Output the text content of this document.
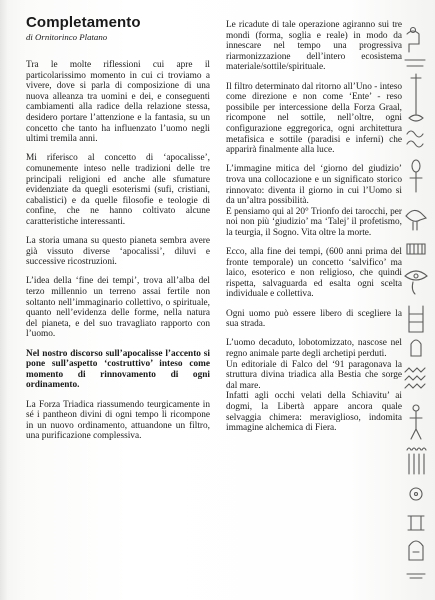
Completamento
di Ornitorinco Platano

Tra le molte riflessioni cui apre il particolarissimo momento in cui ci troviamo a vivere, dove si parla di composizione di una nuova alleanza tra uomini e dei, e conseguenti cambiamenti alla radice della relazione stessa, desidero portare l’attenzione e la fantasia, su un concetto che tanto ha influenzato l’uomo negli ultimi tremila anni.

Mi riferisco al concetto di ‘apocalisse’, comunemente inteso nelle tradizioni delle tre principali religioni ed anche alle sfumature evidenziate da quegli esoterismi (sufi, cristiani, cabalistici) e da quelle filosofie e teologie di confine, che ne hanno coltivato alcune caratteristiche interessanti.

La storia umana su questo pianeta sembra avere già vissuto diverse ‘apocalissi’, diluvi e successive ricostruzioni.

L’idea della ‘fine dei tempi’, trova all’alba del terzo millennio un terreno assai fertile non soltanto nell’immaginario collettivo, o spirituale, quanto nell’evidenza delle forme, nella natura del pianeta, e del suo travagliato rapporto con l’uomo.

Nel nostro discorso sull’apocalisse l’accento si pone sull’aspetto ‘costruttivo’ inteso come momento di rinnovamento di ogni ordinamento.

La Forza Triadica riassumendo teurgicamente in sé i pantheon divini di ogni tempo li ricompone in un nuovo ordinamento, attuandone un filtro, una purificazione complessiva.

Le ricadute di tale operazione agiranno sui tre mondi (forma, soglia e reale) in modo da innescare nel tempo una progressiva riarmonizzazione dell’intero ecosistema materiale/sottile/spirituale.

Il filtro determinato dal ritorno all’Uno - inteso come direzione e non come ‘Ente’ - reso possibile per intercessione della Forza Graal, ricompone nel sottile, nell’oltre, ogni configurazione eggregorica, ogni architettura metafisica e sottile (paradisi e inferni) che apparirà finalmente alla luce.

L’immagine mitica del ‘giorno del giudizio’ trova una collocazione e un significato storico rinnovato: diventa il giorno in cui l’Uomo si da un’altra possibilità.

E pensiamo qui al 20° Trionfo dei tarocchi, per noi non più ‘giudizio’ ma ‘Talej’ il profetismo, la teurgia, il Sogno. Vita oltre la morte.

Ecco, alla fine dei tempi, (600 anni prima del fronte temporale) un concetto ‘salvifico’ ma laico, esoterico e non religioso, che quindi rispetta, salvaguarda ed esalta ogni scelta individuale e collettiva.

Ogni uomo può essere libero di scegliere la sua strada.

L’uomo decaduto, lobotomizzato, nascose nel regno animale parte degli archetipi perduti.

Un editoriale di Falco del ‘91 paragonava la struttura divina triadica alla Bestia che sorge dal mare.

Infatti agli occhi velati della Schiavitu’ ai dogmi, la Libertà appare ancora quale selvaggia chimera: meraviglioso, indomita immagine alchemica di Fiera.
